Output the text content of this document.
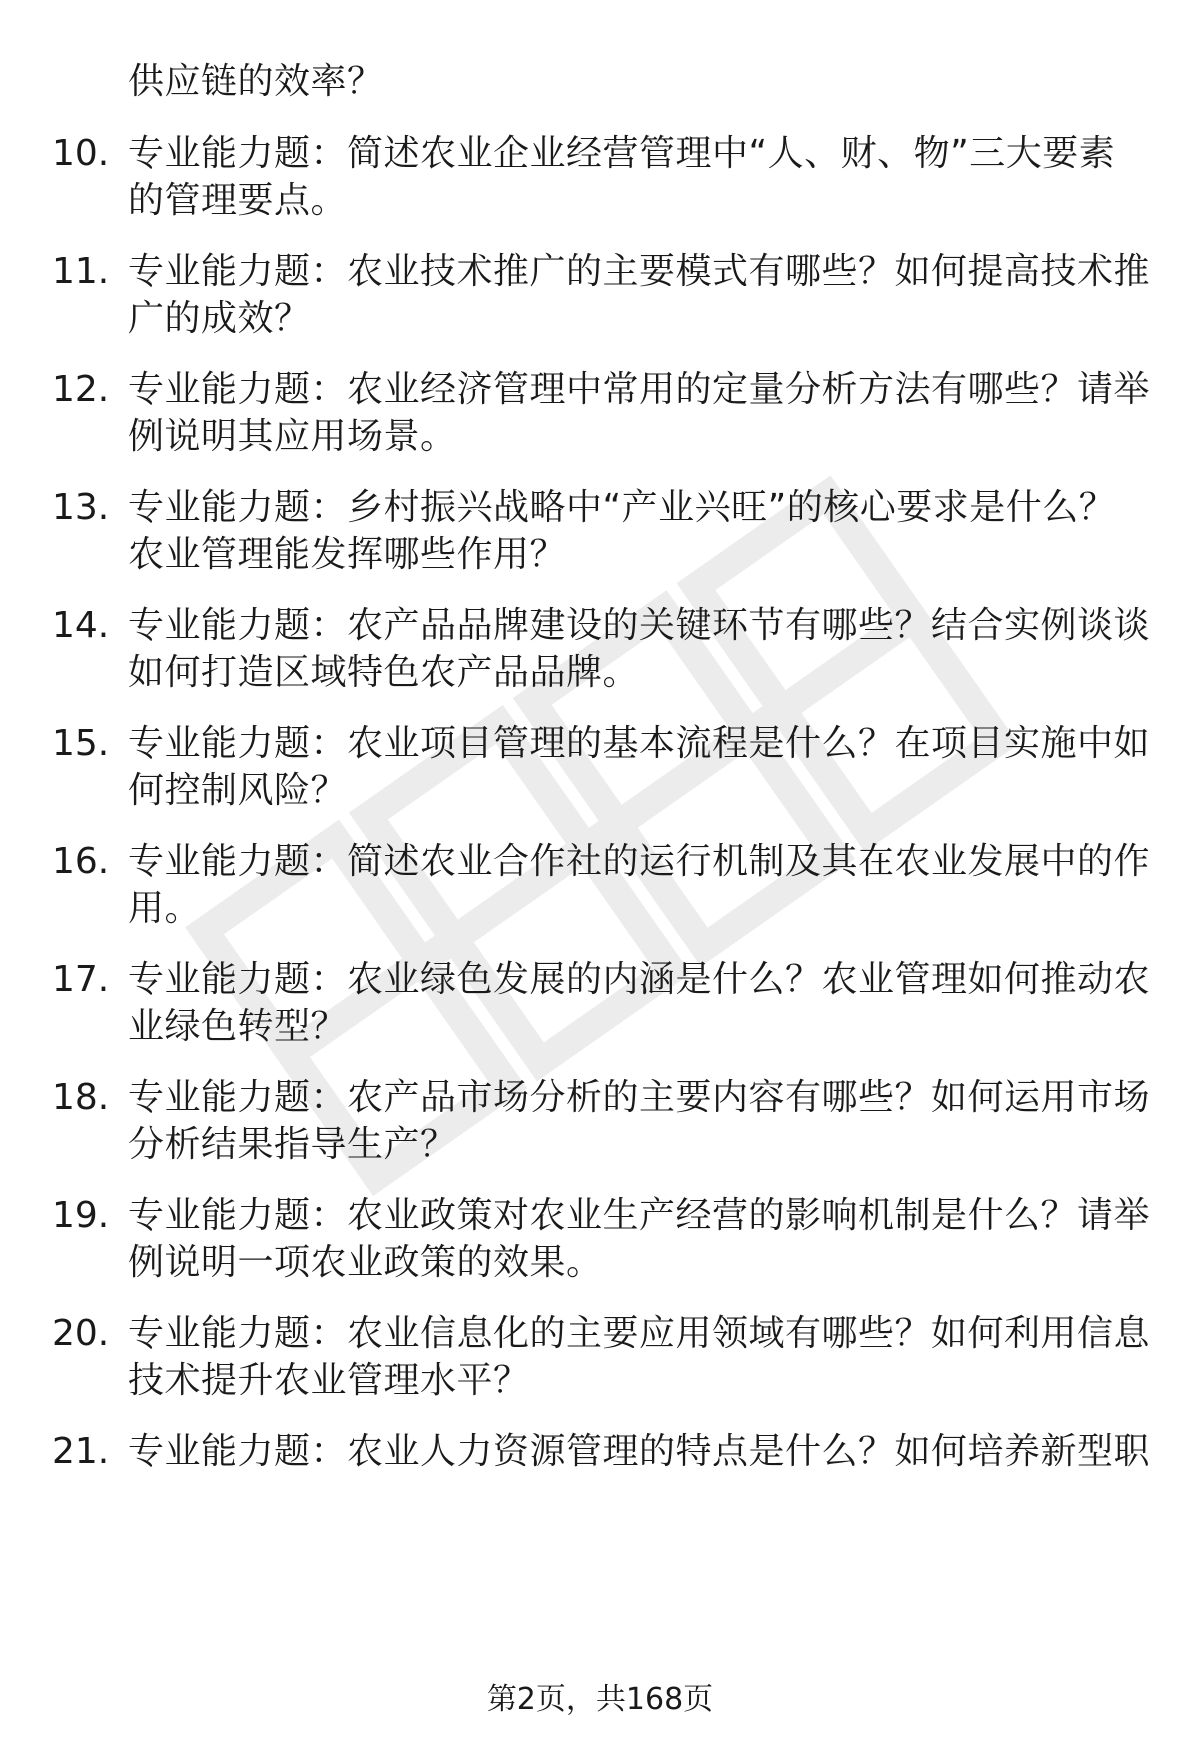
供应链的效率？
10. 专业能力题：简述农业企业经营管理中“人、财、物”三大要素
的管理要点。
11. 专业能力题：农业技术推广的主要模式有哪些？如何提高技术推
广的成效？
12. 专业能力题：农业经济管理中常用的定量分析方法有哪些？请举
例说明其应用场景。
13. 专业能力题：乡村振兴战略中“产业兴旺”的核心要求是什么？
农业管理能发挥哪些作用？
14. 专业能力题：农产品品牌建设的关键环节有哪些？结合实例谈谈
如何打造区域特色农产品品牌。
15. 专业能力题：农业项目管理的基本流程是什么？在项目实施中如
何控制风险？
16. 专业能力题：简述农业合作社的运行机制及其在农业发展中的作
用。
17. 专业能力题：农业绿色发展的内涵是什么？农业管理如何推动农
业绿色转型？
18. 专业能力题：农产品市场分析的主要内容有哪些？如何运用市场
分析结果指导生产？
19. 专业能力题：农业政策对农业生产经营的影响机制是什么？请举
例说明一项农业政策的效果。
20. 专业能力题：农业信息化的主要应用领域有哪些？如何利用信息
技术提升农业管理水平？
21. 专业能力题：农业人力资源管理的特点是什么？如何培养新型职
第2页，共168页
